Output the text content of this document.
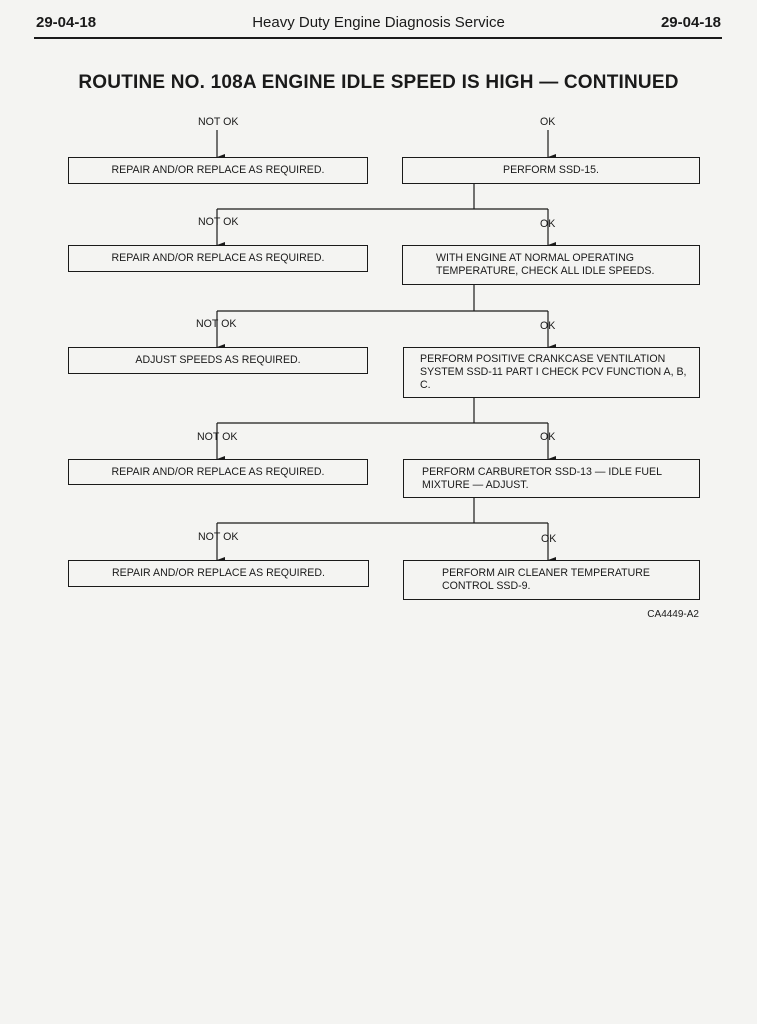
29-04-18	Heavy Duty Engine Diagnosis Service	29-04-18
ROUTINE NO. 108A ENGINE IDLE SPEED IS HIGH — CONTINUED
NOT OK	OK
NOT OK	OK
NOT OK	OK
NOT OK	OK
NOT OK	OK
REPAIR AND/OR REPLACE AS REQUIRED.	PERFORM SSD-15.
REPAIR AND/OR REPLACE AS REQUIRED.	WITH ENGINE AT NORMAL OPERATING TEMPERATURE, CHECK ALL IDLE SPEEDS.
ADJUST SPEEDS AS REQUIRED.	PERFORM POSITIVE CRANKCASE VENTILATION SYSTEM SSD-11 PART I CHECK PCV FUNCTION A, B, C.
REPAIR AND/OR REPLACE AS REQUIRED.	PERFORM CARBURETOR SSD-13 — IDLE FUEL MIXTURE — ADJUST.
REPAIR AND/OR REPLACE AS REQUIRED.	PERFORM AIR CLEANER TEMPERATURE CONTROL SSD-9.
CA4449-A2
